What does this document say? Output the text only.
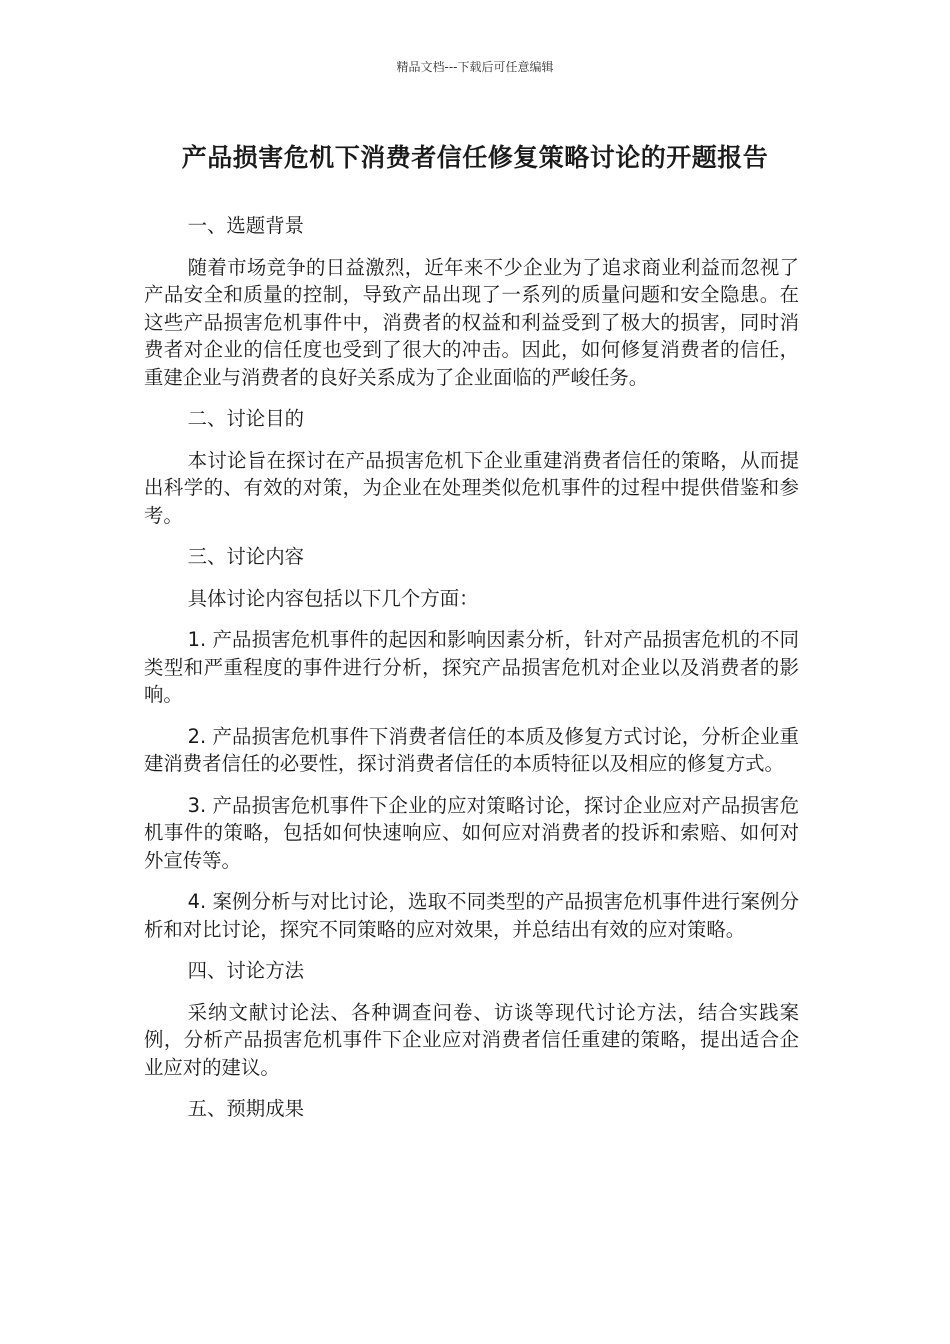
精品文档---下载后可任意编辑
产品损害危机下消费者信任修复策略讨论的开题报告

一、选题背景

随着市场竞争的日益激烈，近年来不少企业为了追求商业利益而忽视了产品安全和质量的控制，导致产品出现了一系列的质量问题和安全隐患。在这些产品损害危机事件中，消费者的权益和利益受到了极大的损害，同时消费者对企业的信任度也受到了很大的冲击。因此，如何修复消费者的信任，重建企业与消费者的良好关系成为了企业面临的严峻任务。

二、讨论目的

本讨论旨在探讨在产品损害危机下企业重建消费者信任的策略，从而提出科学的、有效的对策，为企业在处理类似危机事件的过程中提供借鉴和参考。

三、讨论内容

具体讨论内容包括以下几个方面：

1. 产品损害危机事件的起因和影响因素分析，针对产品损害危机的不同类型和严重程度的事件进行分析，探究产品损害危机对企业以及消费者的影响。

2. 产品损害危机事件下消费者信任的本质及修复方式讨论，分析企业重建消费者信任的必要性，探讨消费者信任的本质特征以及相应的修复方式。

3. 产品损害危机事件下企业的应对策略讨论，探讨企业应对产品损害危机事件的策略，包括如何快速响应、如何应对消费者的投诉和索赔、如何对外宣传等。

4. 案例分析与对比讨论，选取不同类型的产品损害危机事件进行案例分析和对比讨论，探究不同策略的应对效果，并总结出有效的应对策略。

四、讨论方法

采纳文献讨论法、各种调查问卷、访谈等现代讨论方法，结合实践案例，分析产品损害危机事件下企业应对消费者信任重建的策略，提出适合企业应对的建议。

五、预期成果
